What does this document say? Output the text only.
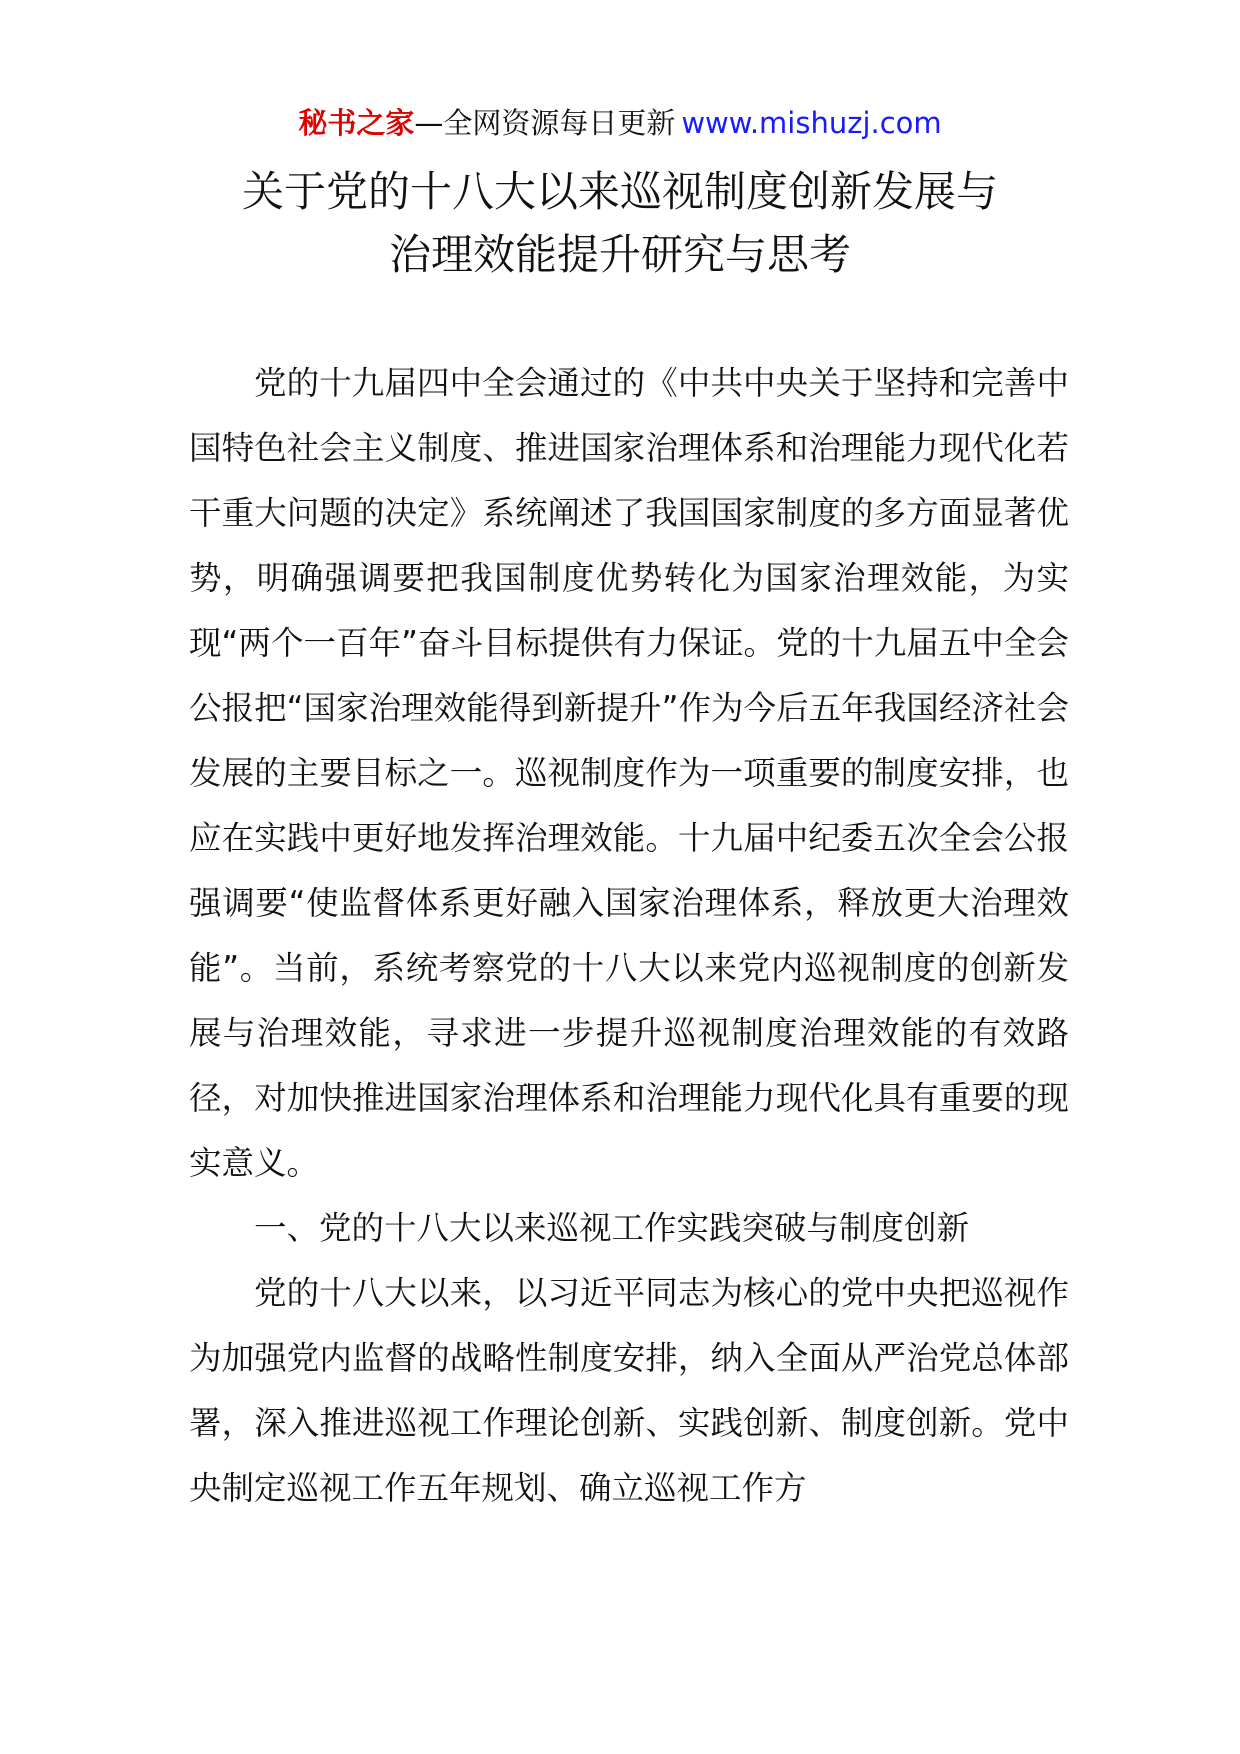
秘书之家—全网资源每日更新 www.mishuzj.com
关于党的十八大以来巡视制度创新发展与
治理效能提升研究与思考

党的十九届四中全会通过的《中共中央关于坚持和完善中国特色社会主义制度、推进国家治理体系和治理能力现代化若干重大问题的决定》系统阐述了我国国家制度的多方面显著优势，明确强调要把我国制度优势转化为国家治理效能，为实现“两个一百年”奋斗目标提供有力保证。党的十九届五中全会公报把“国家治理效能得到新提升”作为今后五年我国经济社会发展的主要目标之一。巡视制度作为一项重要的制度安排，也应在实践中更好地发挥治理效能。十九届中纪委五次全会公报强调要“使监督体系更好融入国家治理体系，释放更大治理效能”。当前，系统考察党的十八大以来党内巡视制度的创新发展与治理效能，寻求进一步提升巡视制度治理效能的有效路径，对加快推进国家治理体系和治理能力现代化具有重要的现实意义。

一、党的十八大以来巡视工作实践突破与制度创新

党的十八大以来，以习近平同志为核心的党中央把巡视作为加强党内监督的战略性制度安排，纳入全面从严治党总体部署，深入推进巡视工作理论创新、实践创新、制度创新。党中央制定巡视工作五年规划、确立巡视工作方
